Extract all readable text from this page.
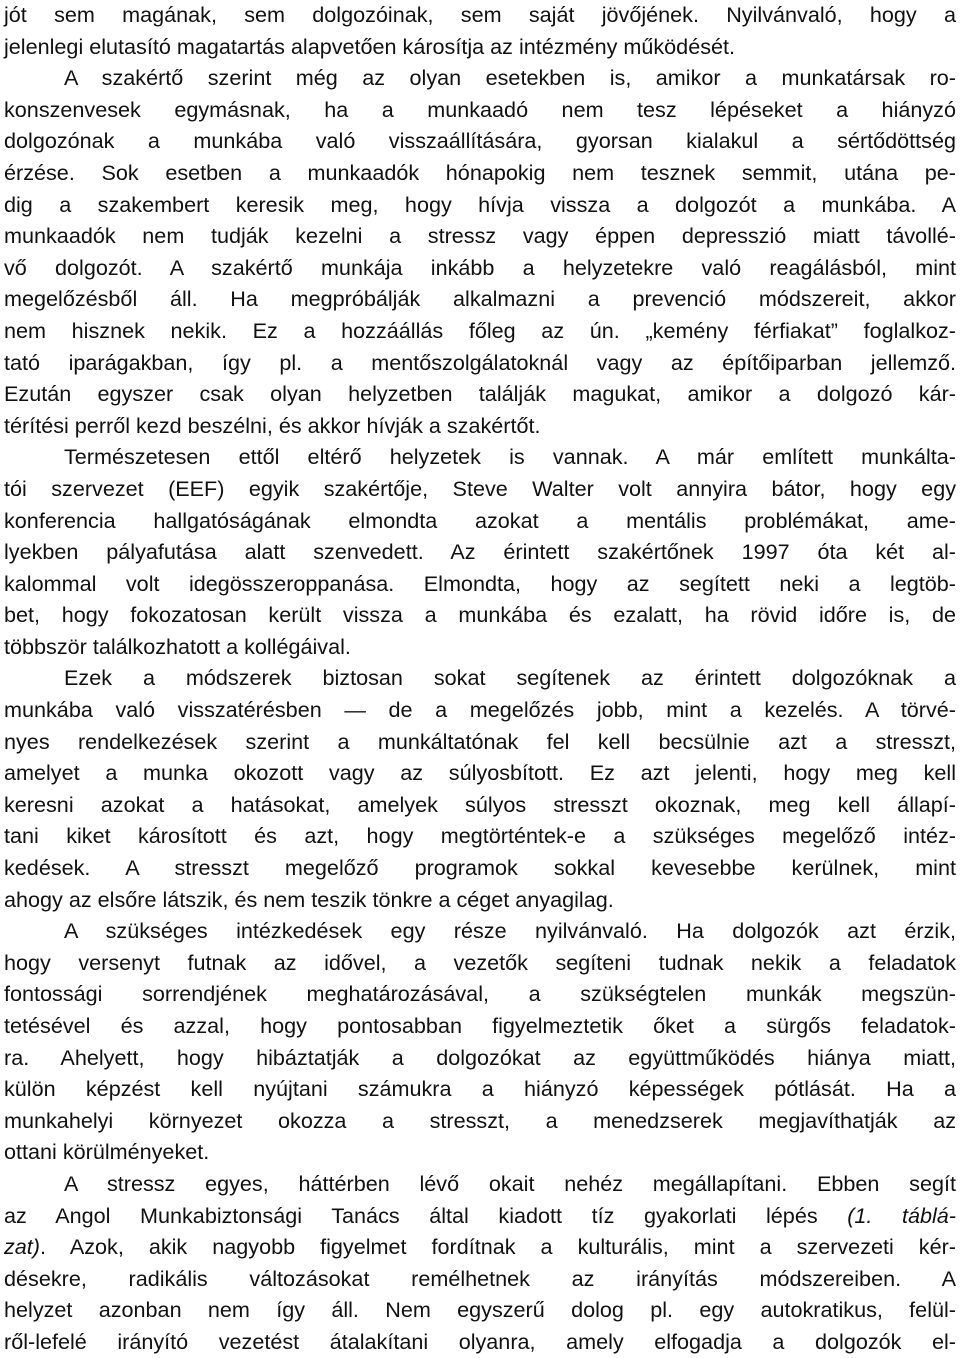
jót sem magának, sem dolgozóinak, sem saját jövőjének. Nyilvánvaló, hogy a
jelenlegi elutasító magatartás alapvetően károsítja az intézmény működését.
A szakértő szerint még az olyan esetekben is, amikor a munkatársak ro-
konszenvesek egymásnak, ha a munkaadó nem tesz lépéseket a hiányzó
dolgozónak a munkába való visszaállítására, gyorsan kialakul a sértődöttség
érzése. Sok esetben a munkaadók hónapokig nem tesznek semmit, utána pe-
dig a szakembert keresik meg, hogy hívja vissza a dolgozót a munkába. A
munkaadók nem tudják kezelni a stressz vagy éppen depresszió miatt távollé-
vő dolgozót. A szakértő munkája inkább a helyzetekre való reagálásból, mint
megelőzésből áll. Ha megpróbálják alkalmazni a prevenció módszereit, akkor
nem hisznek nekik. Ez a hozzáállás főleg az ún. „kemény férfiakat” foglalkoz-
tató iparágakban, így pl. a mentőszolgálatoknál vagy az építőiparban jellemző.
Ezután egyszer csak olyan helyzetben találják magukat, amikor a dolgozó kár-
térítési perről kezd beszélni, és akkor hívják a szakértőt.
Természetesen ettől eltérő helyzetek is vannak. A már említett munkálta-
tói szervezet (EEF) egyik szakértője, Steve Walter volt annyira bátor, hogy egy
konferencia hallgatóságának elmondta azokat a mentális problémákat, ame-
lyekben pályafutása alatt szenvedett. Az érintett szakértőnek 1997 óta két al-
kalommal volt idegösszeroppanása. Elmondta, hogy az segített neki a legtöb-
bet, hogy fokozatosan került vissza a munkába és ezalatt, ha rövid időre is, de
többször találkozhatott a kollégáival.
Ezek a módszerek biztosan sokat segítenek az érintett dolgozóknak a
munkába való visszatérésben — de a megelőzés jobb, mint a kezelés. A törvé-
nyes rendelkezések szerint a munkáltatónak fel kell becsülnie azt a stresszt,
amelyet a munka okozott vagy az súlyosbított. Ez azt jelenti, hogy meg kell
keresni azokat a hatásokat, amelyek súlyos stresszt okoznak, meg kell állapí-
tani kiket károsított és azt, hogy megtörténtek-e a szükséges megelőző intéz-
kedések. A stresszt megelőző programok sokkal kevesebbe kerülnek, mint
ahogy az elsőre látszik, és nem teszik tönkre a céget anyagilag.
A szükséges intézkedések egy része nyilvánvaló. Ha dolgozók azt érzik,
hogy versenyt futnak az idővel, a vezetők segíteni tudnak nekik a feladatok
fontossági sorrendjének meghatározásával, a szükségtelen munkák megszün-
tetésével és azzal, hogy pontosabban figyelmeztetik őket a sürgős feladatok-
ra. Ahelyett, hogy hibáztatják a dolgozókat az együttműködés hiánya miatt,
külön képzést kell nyújtani számukra a hiányzó képességek pótlását. Ha a
munkahelyi környezet okozza a stresszt, a menedzserek megjavíthatják az
ottani körülményeket.
A stressz egyes, háttérben lévő okait nehéz megállapítani. Ebben segít
az Angol Munkabiztonsági Tanács által kiadott tíz gyakorlati lépés (1. táblá-
zat). Azok, akik nagyobb figyelmet fordítnak a kulturális, mint a szervezeti kér-
désekre, radikális változásokat remélhetnek az irányítás módszereiben. A
helyzet azonban nem így áll. Nem egyszerű dolog pl. egy autokratikus, felül-
ről-lefelé irányító vezetést átalakítani olyanra, amely elfogadja a dolgozók el-
